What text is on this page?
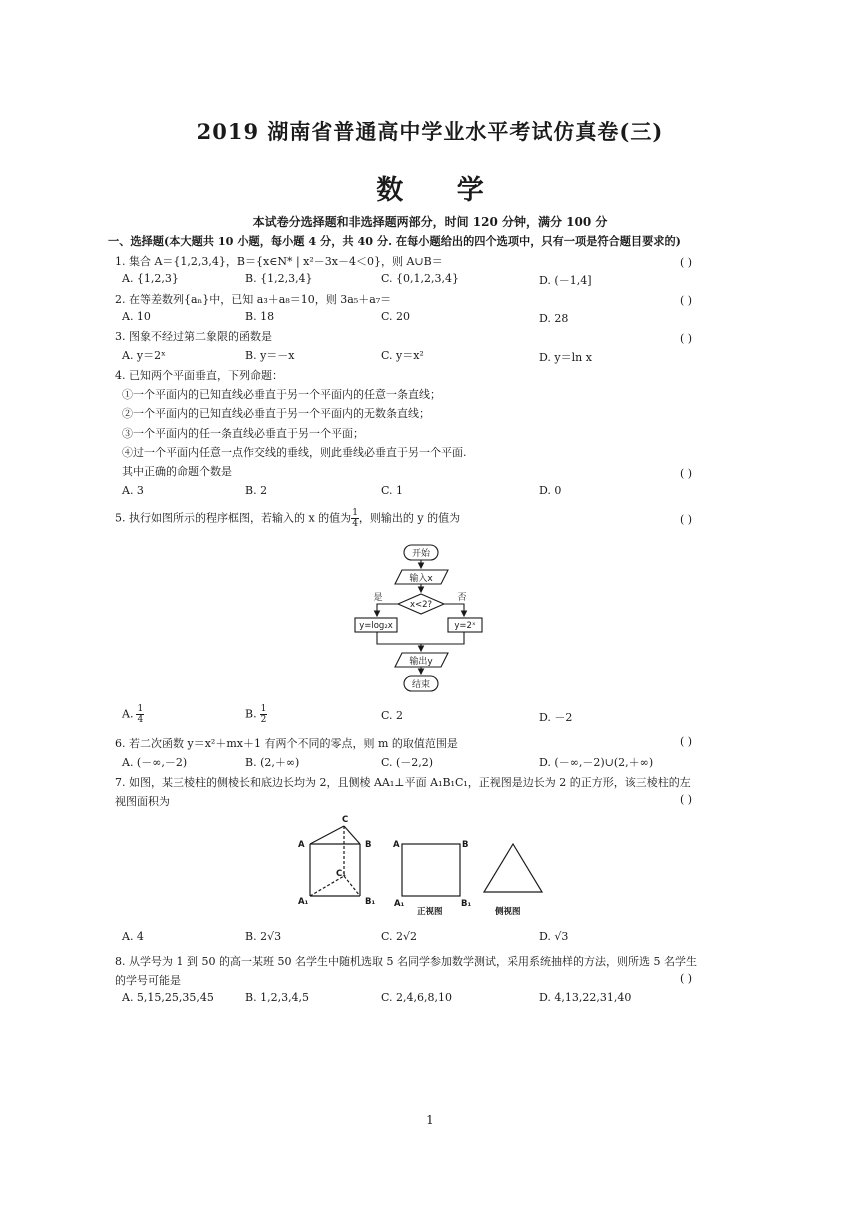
2019 湖南省普通高中学业水平考试仿真卷(三)
数 学
本试卷分选择题和非选择题两部分，时间 120 分钟，满分 100 分
一、选择题(本大题共 10 小题，每小题 4 分，共 40 分. 在每小题给出的四个选项中，只有一项是符合题目要求的)
1. 集合 A＝{1,2,3,4}，B＝{x∈N* | x²－3x－4＜0}，则 A∪B＝	( )
A. {1,2,3}	B. {1,2,3,4}	C. {0,1,2,3,4}	D. (－1,4]
2. 在等差数列{aₙ}中，已知 a₃＋a₈＝10，则 3a₅＋a₇＝	( )
A. 10	B. 18	C. 20	D. 28
3. 图象不经过第二象限的函数是	( )
A. y＝2ˣ	B. y＝－x	C. y＝x²	D. y＝ln x
4. 已知两个平面垂直，下列命题：
①一个平面内的已知直线必垂直于另一个平面内的任意一条直线；
②一个平面内的已知直线必垂直于另一个平面内的无数条直线；
③一个平面内的任一条直线必垂直于另一个平面；
④过一个平面内任意一点作交线的垂线，则此垂线必垂直于另一个平面.
其中正确的命题个数是	( )
A. 3	B. 2	C. 1	D. 0
5. 执行如图所示的程序框图，若输入的 x 的值为 $\frac{1}{4}$ ，则输出的 y 的值为	( )
开始
输入x
x<2?
是	否
y=log₂x	y=2ˣ
输出y
结束
A. $\frac{1}{4}$	B. $\frac{1}{2}$	C. 2	D. －2
6. 若二次函数 y＝x²＋mx＋1 有两个不同的零点，则 m 的取值范围是	( )
A. (－∞,－2)	B. (2,＋∞)	C. (－2,2)	D. (－∞,－2)∪(2,＋∞)
7. 如图，某三棱柱的侧棱长和底边长均为 2，且侧棱 AA₁⊥平面 A₁B₁C₁，正视图是边长为 2 的正方形，该三棱柱的左
视图面积为	( )
C
A	B
C₁
A₁	B₁
A	B
A₁	B₁
正视图	侧视图
A. 4	B. 2√3	C. 2√2	D. √3
8. 从学号为 1 到 50 的高一某班 50 名学生中随机选取 5 名同学参加数学测试，采用系统抽样的方法，则所选 5 名学生
的学号可能是	( )
A. 5,15,25,35,45	B. 1,2,3,4,5	C. 2,4,6,8,10	D. 4,13,22,31,40
1
